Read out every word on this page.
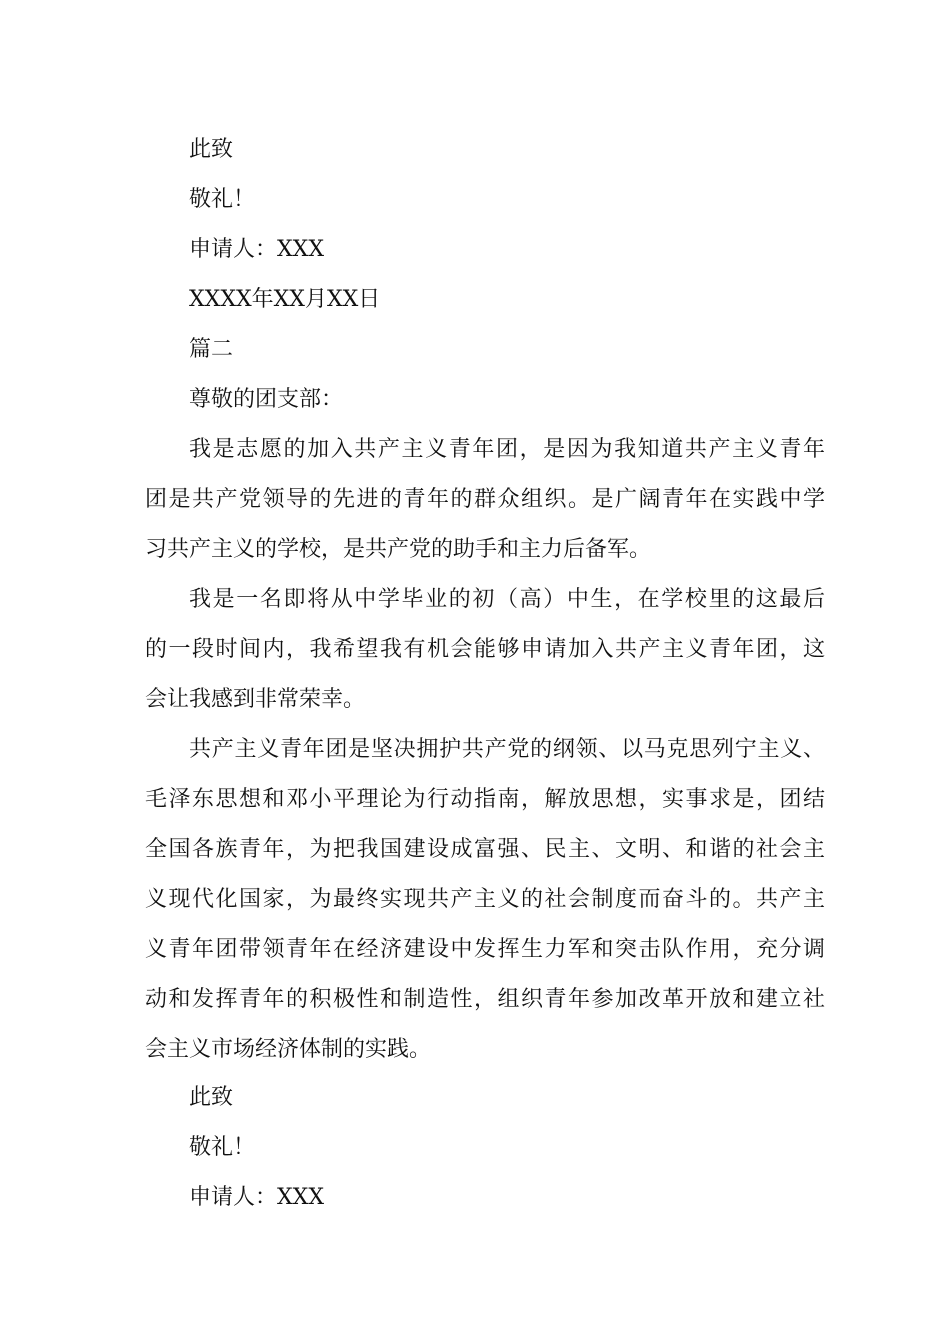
此致
敬礼！
申请人：XXX
XXXX年XX月XX日
篇二
尊敬的团支部：
我是志愿的加入共产主义青年团，是因为我知道共产主义青年
团是共产党领导的先进的青年的群众组织。是广阔青年在实践中学
习共产主义的学校，是共产党的助手和主力后备军。
我是一名即将从中学毕业的初（高）中生，在学校里的这最后
的一段时间内，我希望我有机会能够申请加入共产主义青年团，这
会让我感到非常荣幸。
共产主义青年团是坚决拥护共产党的纲领、以马克思列宁主义、
毛泽东思想和邓小平理论为行动指南，解放思想，实事求是，团结
全国各族青年，为把我国建设成富强、民主、文明、和谐的社会主
义现代化国家，为最终实现共产主义的社会制度而奋斗的。共产主
义青年团带领青年在经济建设中发挥生力军和突击队作用，充分调
动和发挥青年的积极性和制造性，组织青年参加改革开放和建立社
会主义市场经济体制的实践。
此致
敬礼！
申请人：XXX
